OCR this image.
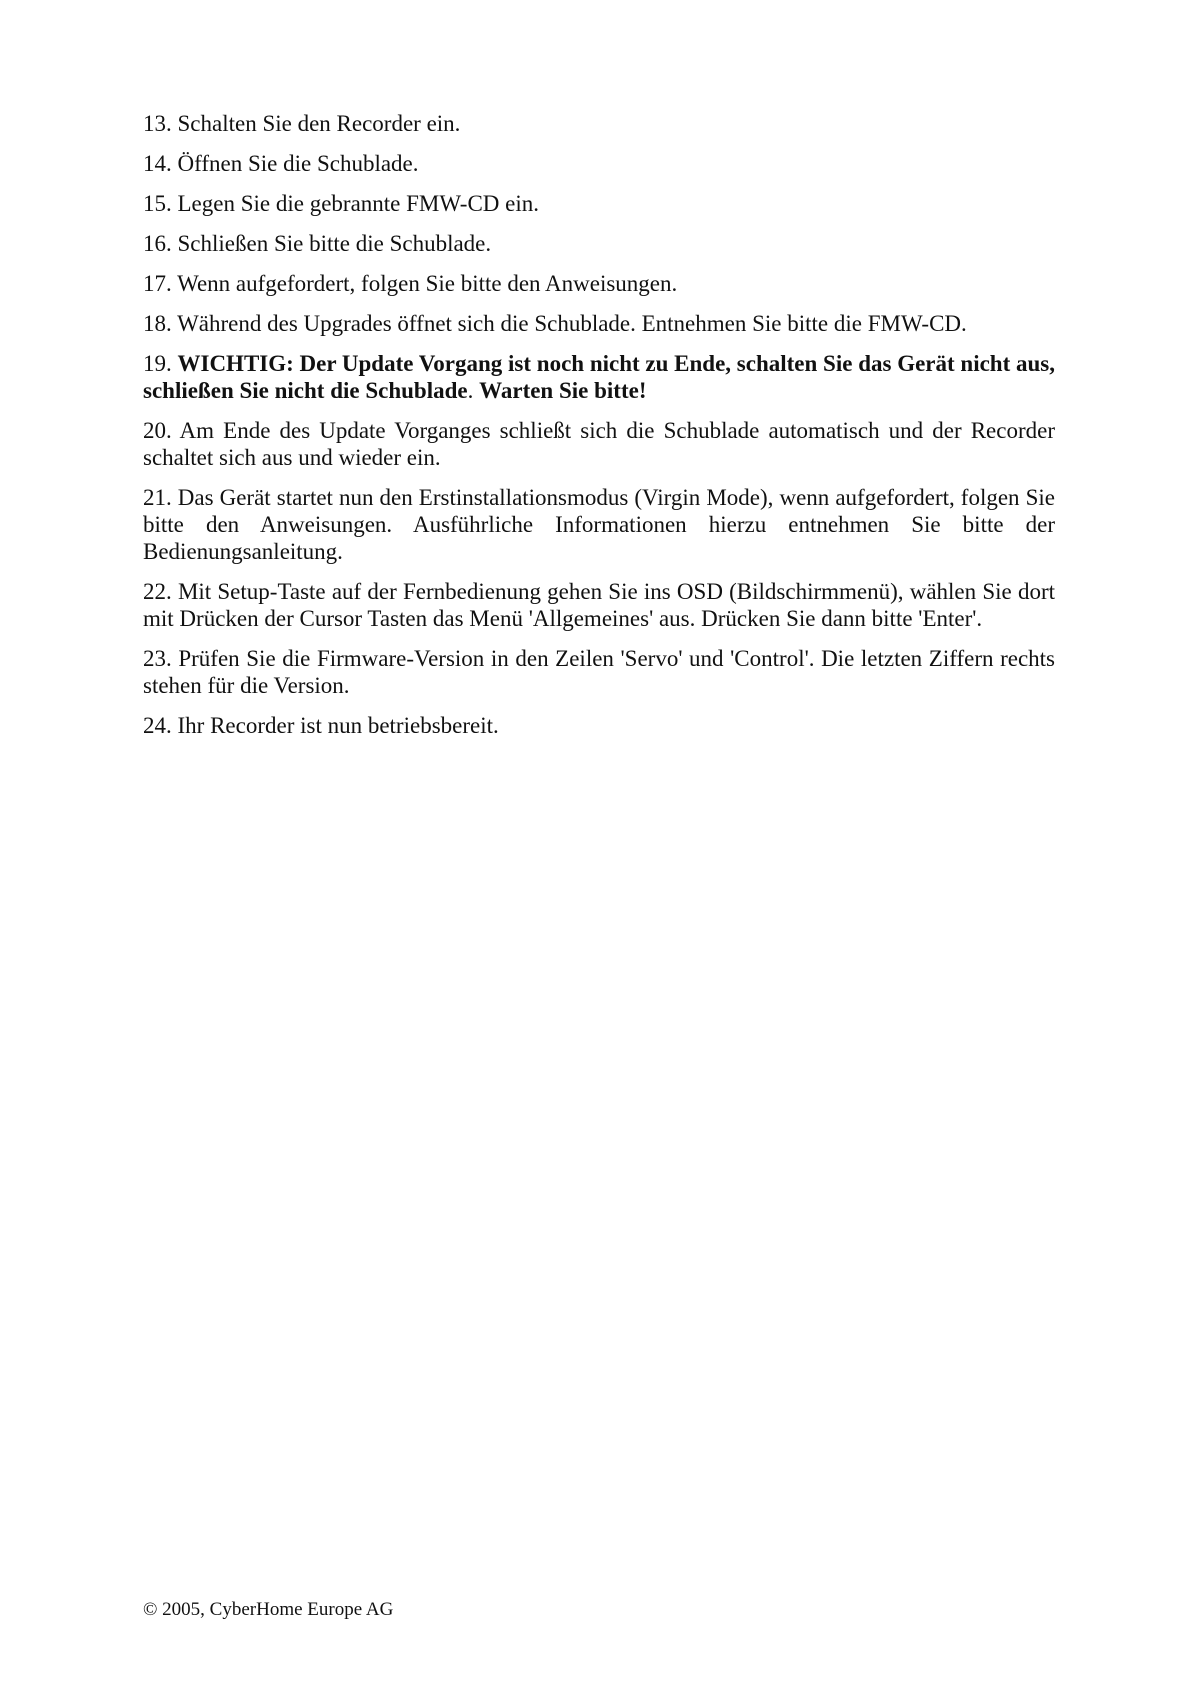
13. Schalten Sie den Recorder ein.

14. Öffnen Sie die Schublade.

15. Legen Sie die gebrannte FMW-CD ein.

16. Schließen Sie bitte die Schublade.

17. Wenn aufgefordert, folgen Sie bitte den Anweisungen.

18. Während des Upgrades öffnet sich die Schublade. Entnehmen Sie bitte die FMW-CD.

19. WICHTIG: Der Update Vorgang ist noch nicht zu Ende, schalten Sie das Gerät nicht aus, schließen Sie nicht die Schublade. Warten Sie bitte!

20. Am Ende des Update Vorganges schließt sich die Schublade automatisch und der Recorder schaltet sich aus und wieder ein.

21. Das Gerät startet nun den Erstinstallationsmodus (Virgin Mode), wenn aufgefordert, folgen Sie bitte den Anweisungen. Ausführliche Informationen hierzu entnehmen Sie bitte der Bedienungsanleitung.

22. Mit Setup-Taste auf der Fernbedienung gehen Sie ins OSD (Bildschirmmenü), wählen Sie dort mit Drücken der Cursor Tasten das Menü 'Allgemeines' aus. Drücken Sie dann bitte 'Enter'.

23. Prüfen Sie die Firmware-Version in den Zeilen 'Servo' und 'Control'. Die letzten Ziffern rechts stehen für die Version.

24. Ihr Recorder ist nun betriebsbereit.

© 2005, CyberHome Europe AG
